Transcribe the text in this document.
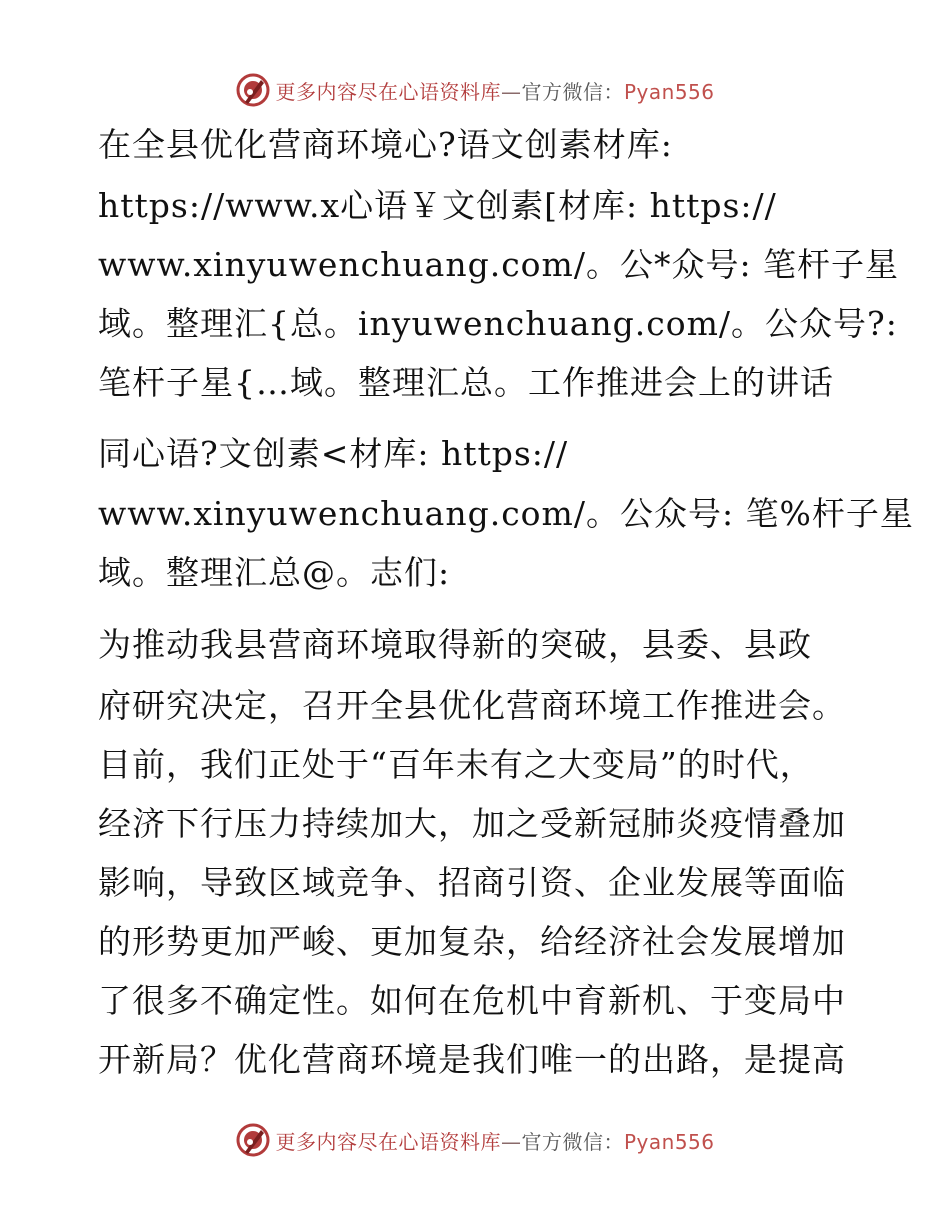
更多内容尽在心语资料库—官方微信：Pyan556
在全县优化营商环境心?语文创素材库:
https://www.x心语￥文创素[材库: https://
www.xinyuwenchuang.com/。公*众号: 笔杆子星
域。整理汇{总。inyuwenchuang.com/。公众号?:
笔杆子星{…域。整理汇总。工作推进会上的讲话
同心语?文创素<材库: https://
www.xinyuwenchuang.com/。公众号: 笔%杆子星
域。整理汇总@。志们:
为推动我县营商环境取得新的突破，县委、县政
府研究决定，召开全县优化营商环境工作推进会。
目前，我们正处于“百年未有之大变局”的时代，
经济下行压力持续加大，加之受新冠肺炎疫情叠加
影响，导致区域竞争、招商引资、企业发展等面临
的形势更加严峻、更加复杂，给经济社会发展增加
了很多不确定性。如何在危机中育新机、于变局中
开新局？优化营商环境是我们唯一的出路，是提高
更多内容尽在心语资料库—官方微信：Pyan556
